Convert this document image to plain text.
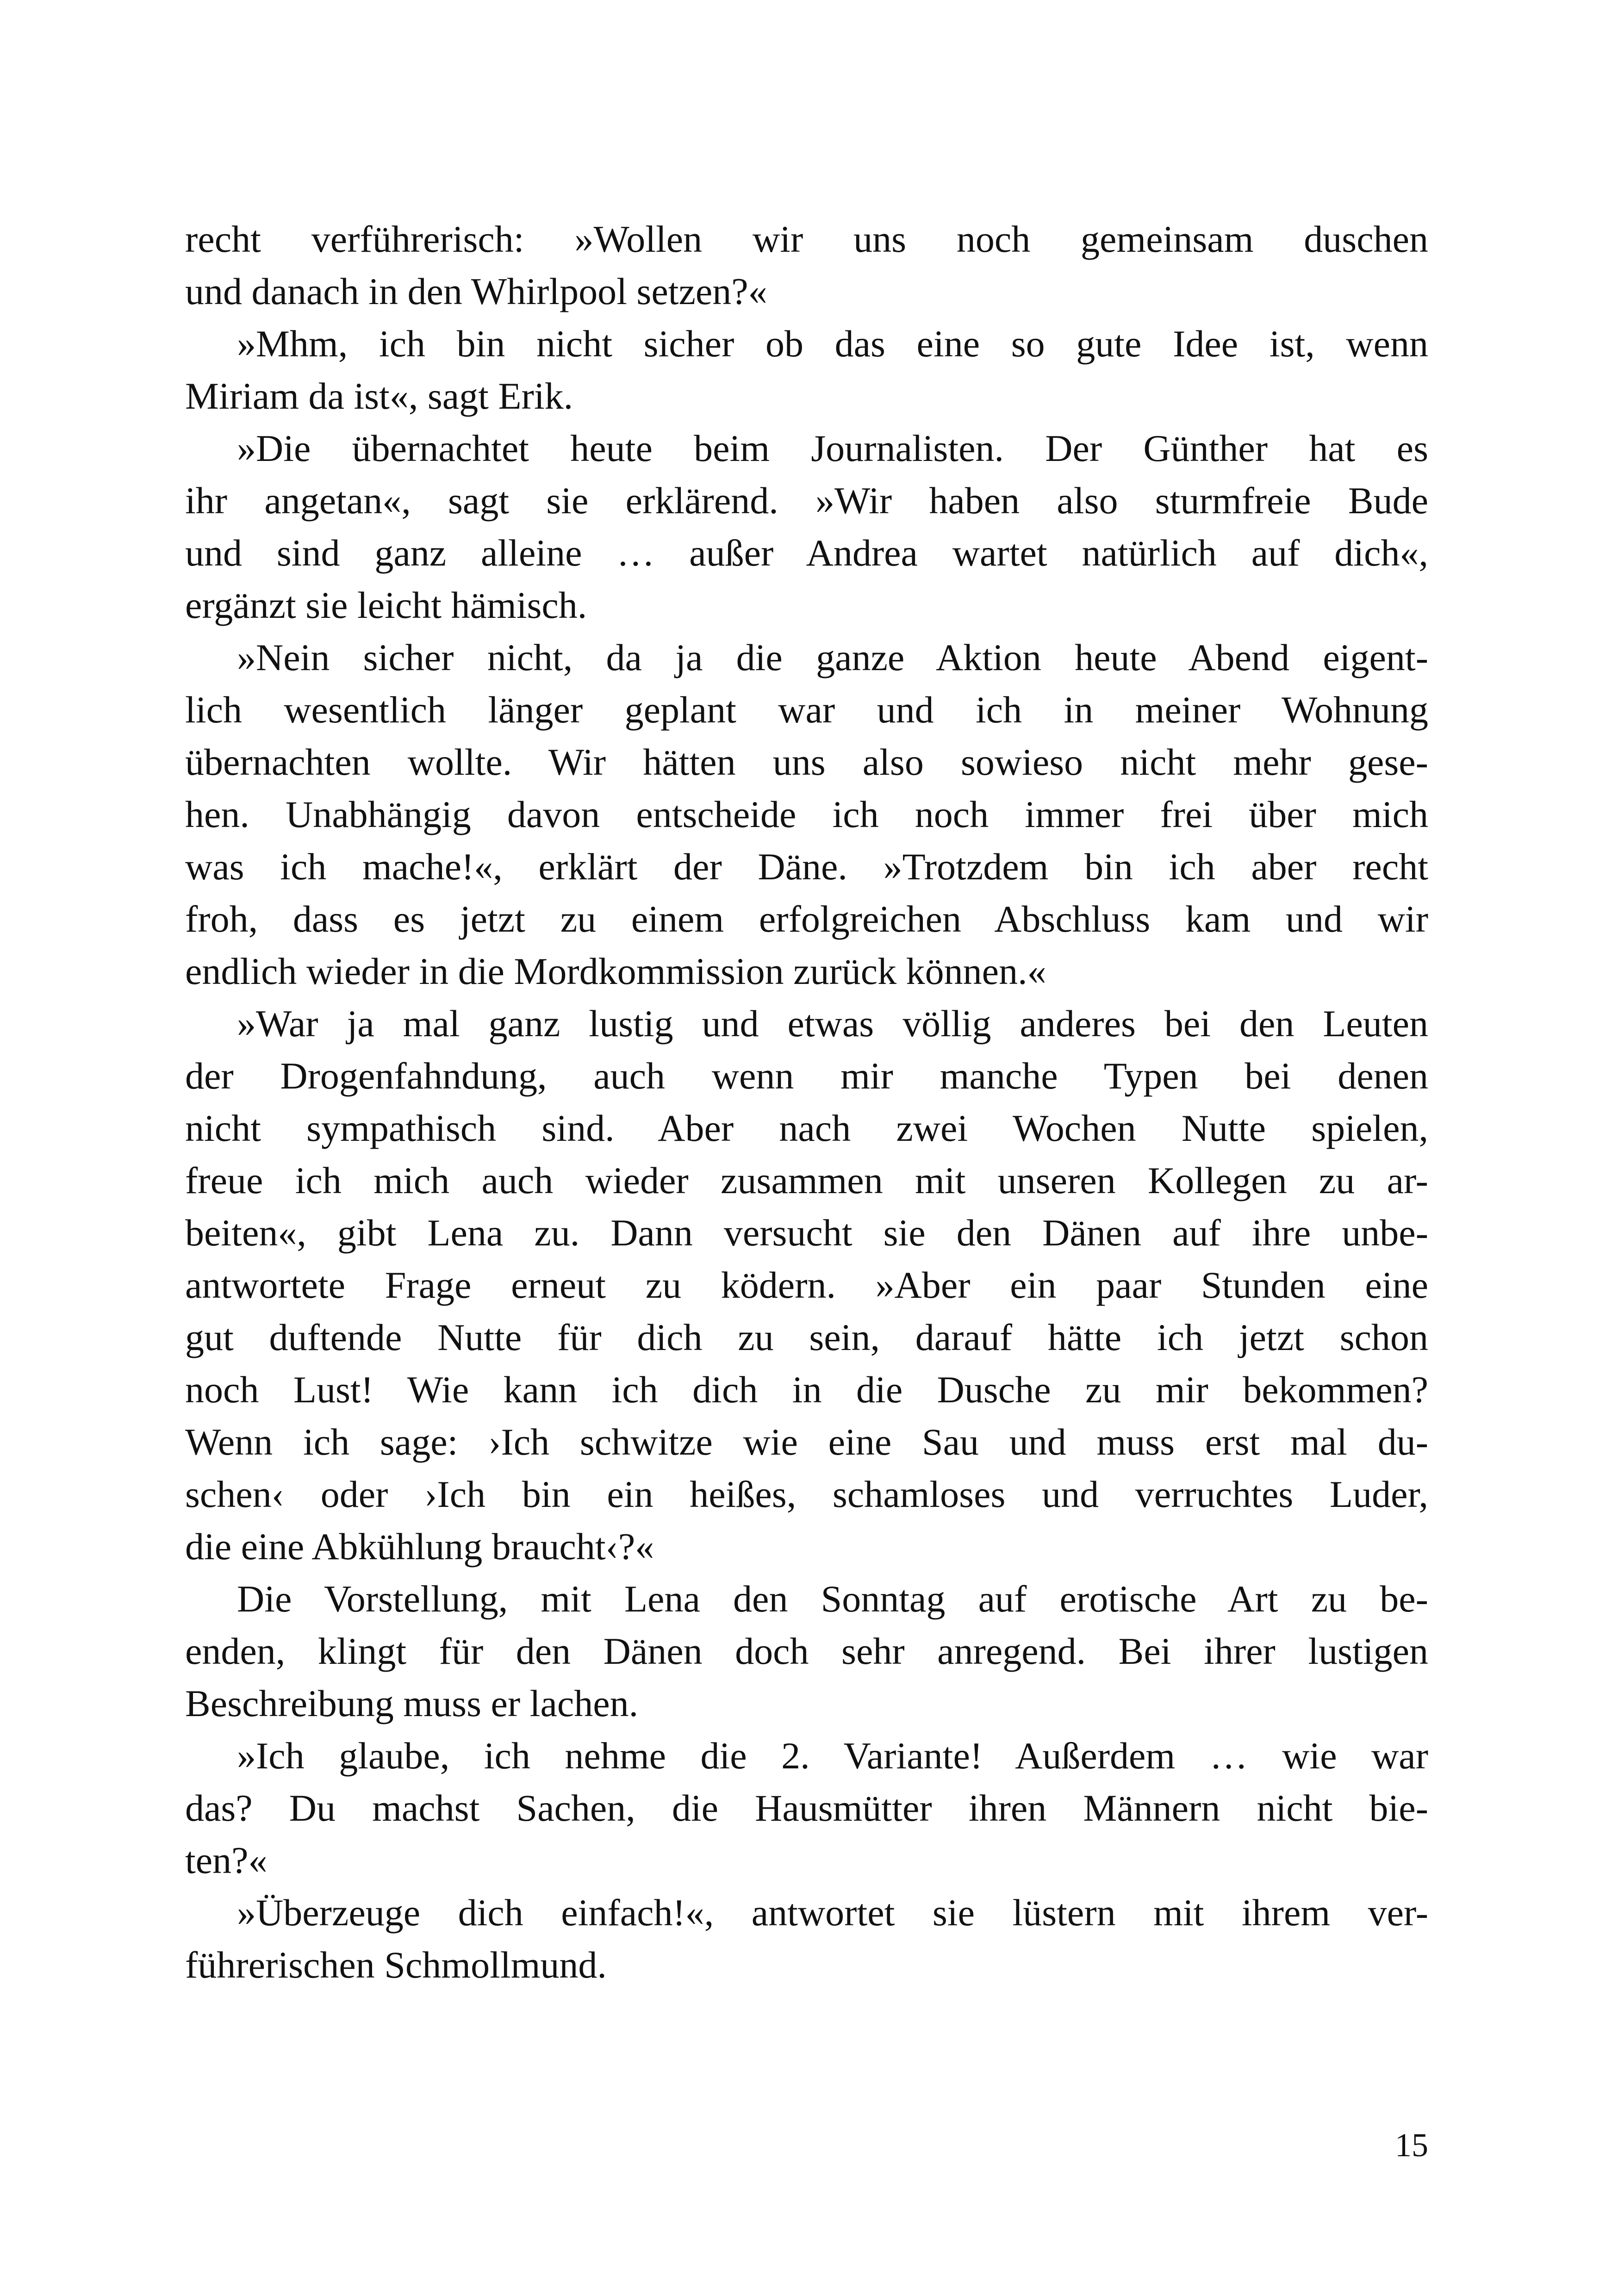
recht verführerisch: »Wollen wir uns noch gemeinsam duschen
und danach in den Whirlpool setzen?«
»Mhm, ich bin nicht sicher ob das eine so gute Idee ist, wenn
Miriam da ist«, sagt Erik.
»Die übernachtet heute beim Journalisten. Der Günther hat es
ihr angetan«, sagt sie erklärend. »Wir haben also sturmfreie Bude
und sind ganz alleine … außer Andrea wartet natürlich auf dich«,
ergänzt sie leicht hämisch.
»Nein sicher nicht, da ja die ganze Aktion heute Abend eigent-
lich wesentlich länger geplant war und ich in meiner Wohnung
übernachten wollte. Wir hätten uns also sowieso nicht mehr gese-
hen. Unabhängig davon entscheide ich noch immer frei über mich
was ich mache!«, erklärt der Däne. »Trotzdem bin ich aber recht
froh, dass es jetzt zu einem erfolgreichen Abschluss kam und wir
endlich wieder in die Mordkommission zurück können.«
»War ja mal ganz lustig und etwas völlig anderes bei den Leuten
der Drogenfahndung, auch wenn mir manche Typen bei denen
nicht sympathisch sind. Aber nach zwei Wochen Nutte spielen,
freue ich mich auch wieder zusammen mit unseren Kollegen zu ar-
beiten«, gibt Lena zu. Dann versucht sie den Dänen auf ihre unbe-
antwortete Frage erneut zu ködern. »Aber ein paar Stunden eine
gut duftende Nutte für dich zu sein, darauf hätte ich jetzt schon
noch Lust! Wie kann ich dich in die Dusche zu mir bekommen?
Wenn ich sage: ›Ich schwitze wie eine Sau und muss erst mal du-
schen‹ oder ›Ich bin ein heißes, schamloses und verruchtes Luder,
die eine Abkühlung braucht‹?«
Die Vorstellung, mit Lena den Sonntag auf erotische Art zu be-
enden, klingt für den Dänen doch sehr anregend. Bei ihrer lustigen
Beschreibung muss er lachen.
»Ich glaube, ich nehme die 2. Variante! Außerdem … wie war
das? Du machst Sachen, die Hausmütter ihren Männern nicht bie-
ten?«
»Überzeuge dich einfach!«, antwortet sie lüstern mit ihrem ver-
führerischen Schmollmund.
15
